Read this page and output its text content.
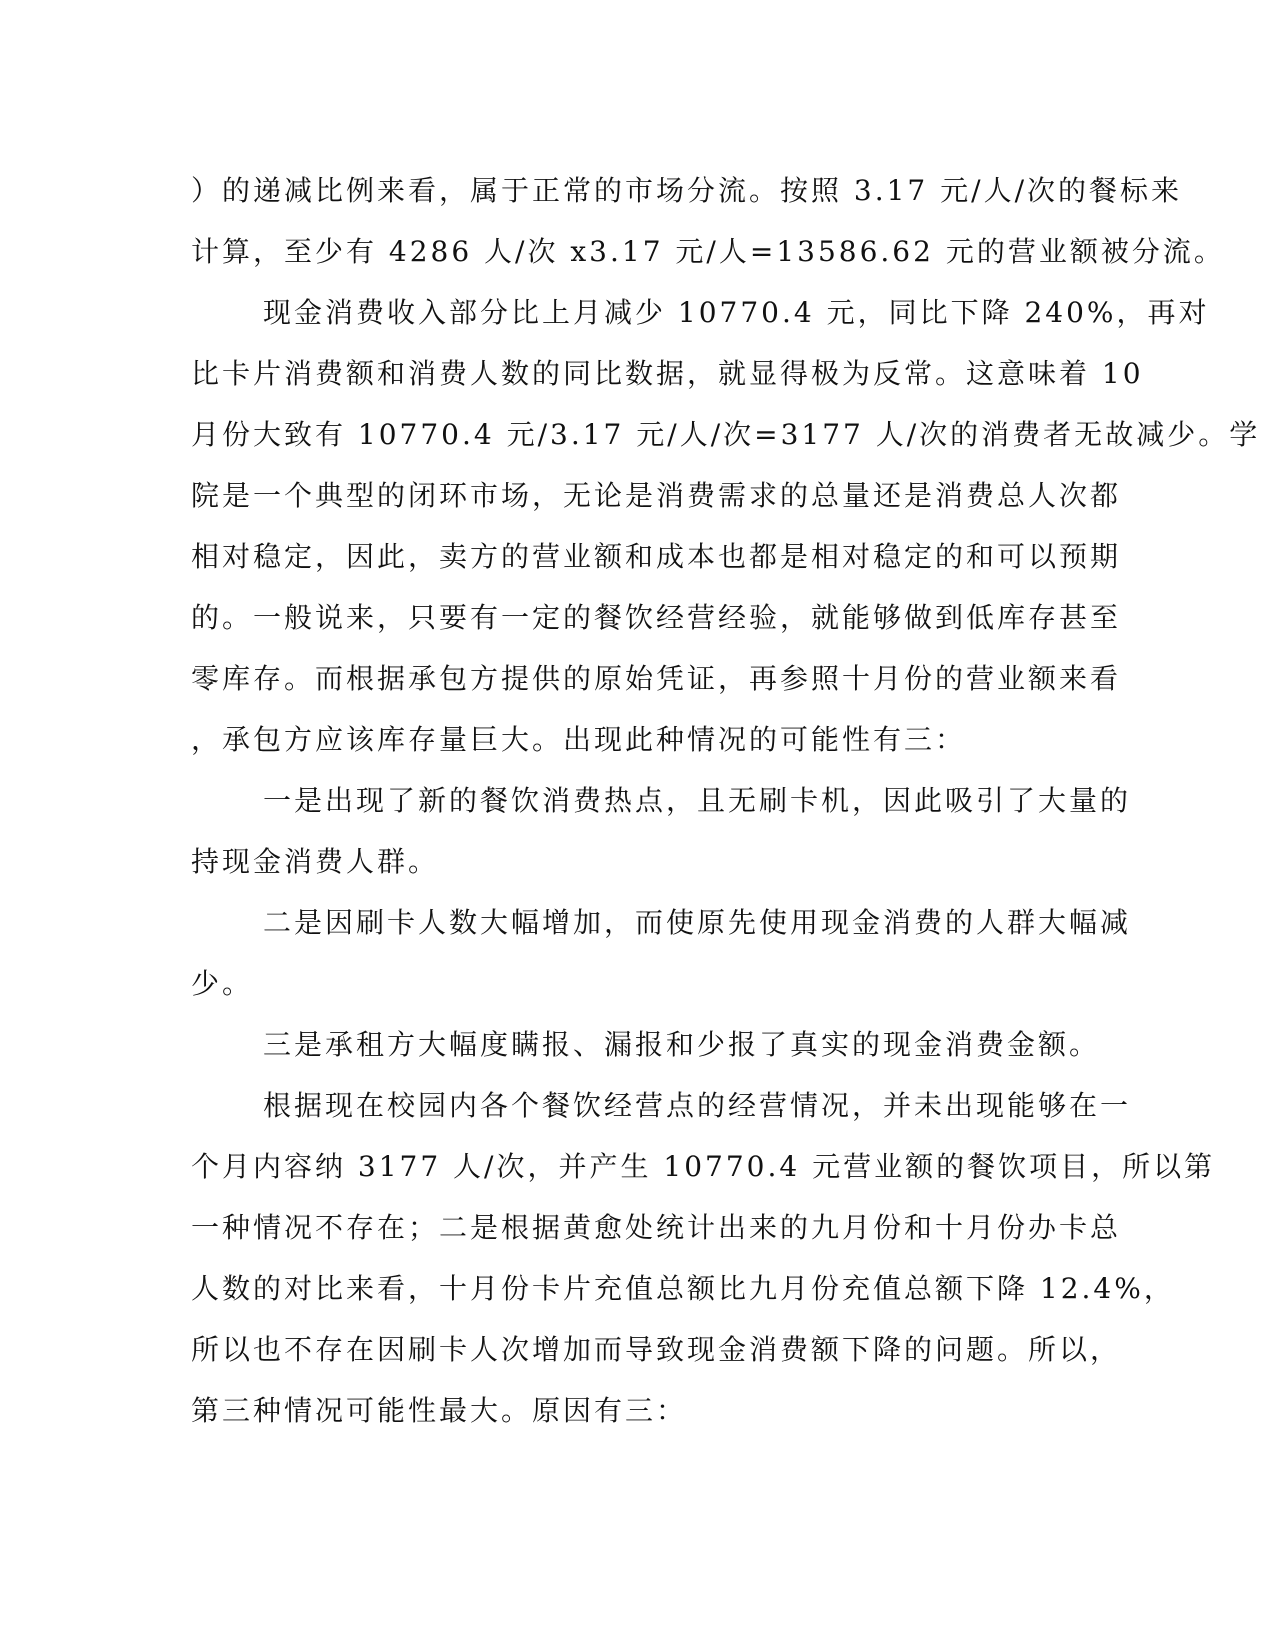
）的递减比例来看，属于正常的市场分流。按照 3.17 元/人/次的餐标来
计算，至少有 4286 人/次 x3.17 元/人=13586.62 元的营业额被分流。
现金消费收入部分比上月减少 10770.4 元，同比下降 240%，再对
比卡片消费额和消费人数的同比数据，就显得极为反常。这意味着 10
月份大致有 10770.4 元/3.17 元/人/次=3177 人/次的消费者无故减少。学
院是一个典型的闭环市场，无论是消费需求的总量还是消费总人次都
相对稳定，因此，卖方的营业额和成本也都是相对稳定的和可以预期
的。一般说来，只要有一定的餐饮经营经验，就能够做到低库存甚至
零库存。而根据承包方提供的原始凭证，再参照十月份的营业额来看
，承包方应该库存量巨大。出现此种情况的可能性有三：
一是出现了新的餐饮消费热点，且无刷卡机，因此吸引了大量的
持现金消费人群。
二是因刷卡人数大幅增加，而使原先使用现金消费的人群大幅减
少。
三是承租方大幅度瞒报、漏报和少报了真实的现金消费金额。
根据现在校园内各个餐饮经营点的经营情况，并未出现能够在一
个月内容纳 3177 人/次，并产生 10770.4 元营业额的餐饮项目，所以第
一种情况不存在；二是根据黄愈处统计出来的九月份和十月份办卡总
人数的对比来看，十月份卡片充值总额比九月份充值总额下降 12.4%，
所以也不存在因刷卡人次增加而导致现金消费额下降的问题。所以，
第三种情况可能性最大。原因有三：
